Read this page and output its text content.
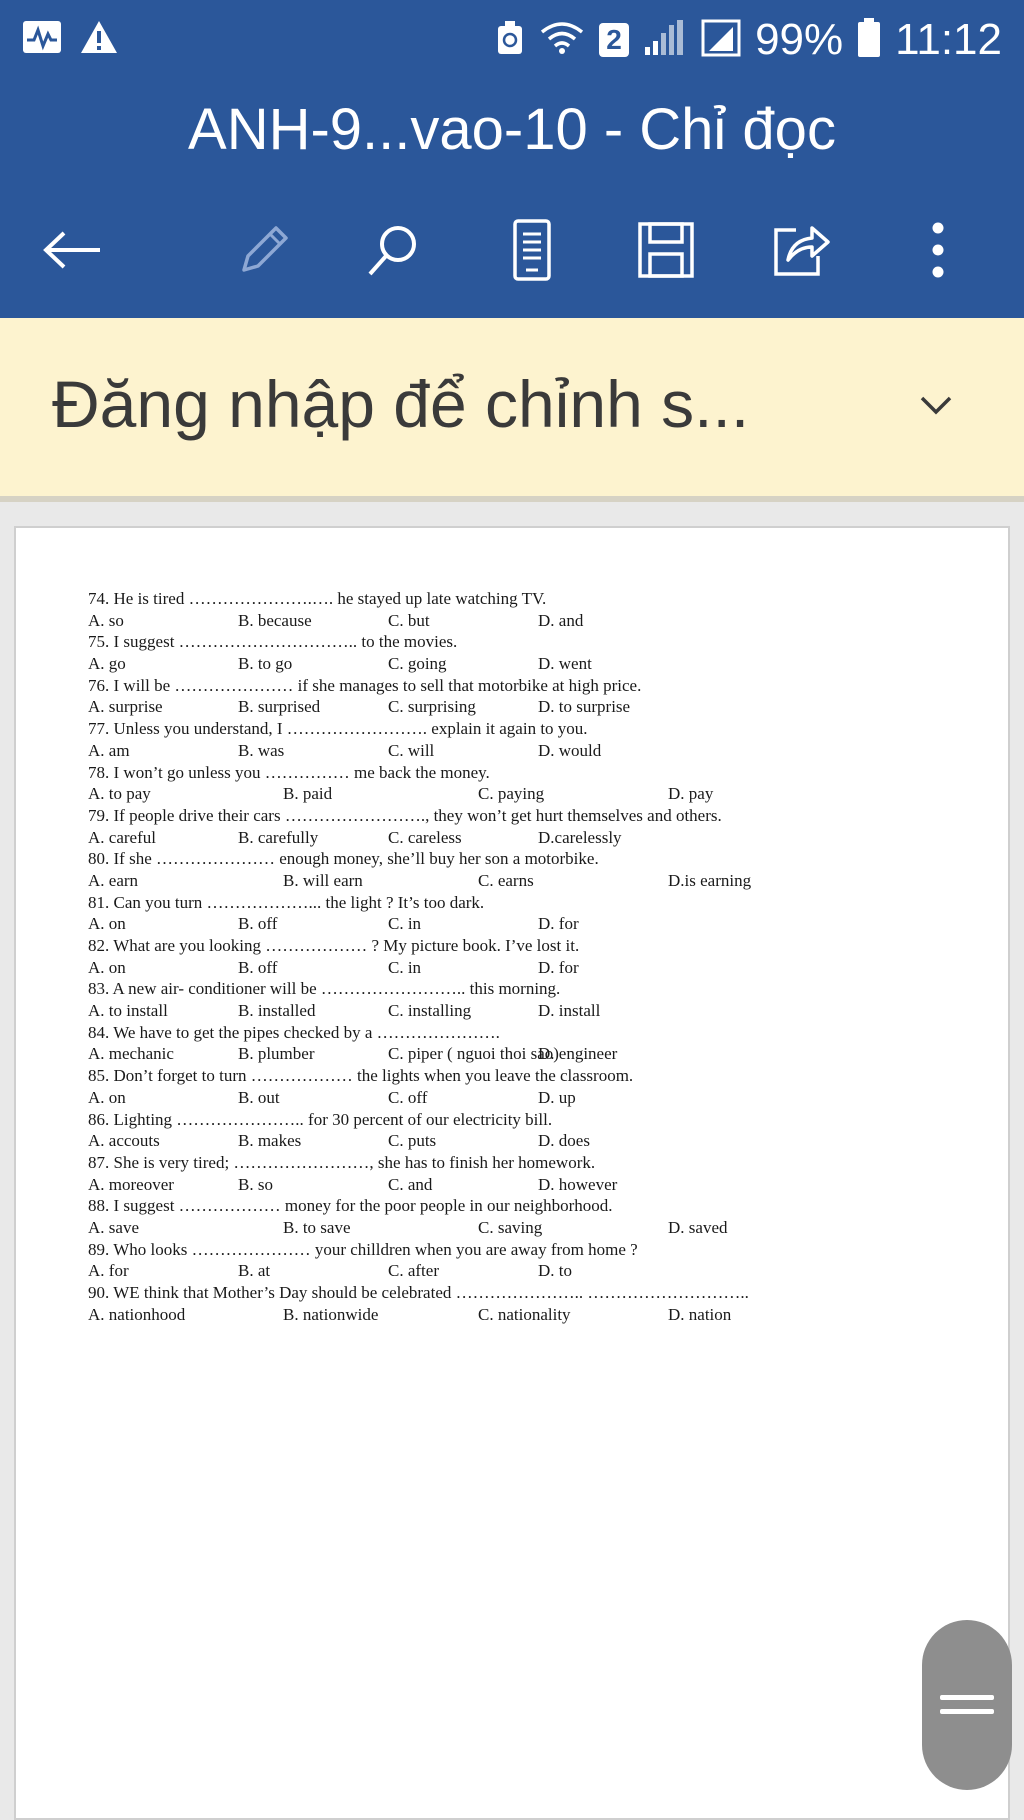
2	99% 11:12
ANH-9...vao-10 - Chỉ đọc
Đăng nhập để chỉnh s...
74. He is tired ………………….…. he stayed up late watching TV.
A. so	B. because	C. but	D. and
75. I suggest ………………………….. to the movies.
A. go	B. to go	C. going	D. went
76. I will be ………………… if she manages to sell that motorbike at high price.
A. surprise	B. surprised	C. surprising	D. to surprise
77. Unless you understand, I ……………………. explain it again to you.
A. am	B. was	C. will	D. would
78. I won’t go unless you …………… me back the money.
A. to pay	B. paid	C. paying	D. pay
79. If people drive their cars ……………………., they won’t get hurt themselves and others.
A. careful	B. carefully	C. careless	D.carelessly
80. If she ………………… enough money, she’ll buy her son a motorbike.
A. earn	B. will earn	C. earns	D.is earning
81. Can you turn ………………... the light ? It’s too dark.
A. on	B. off	C. in	D. for
82. What are you looking ……………… ? My picture book. I’ve lost it.
A. on	B. off	C. in	D. for
83. A new air- conditioner will be …………………….. this morning.
A. to install	B. installed	C. installing	D. install
84. We have to get the pipes checked by a ………………….
A. mechanic	B. plumber	C. piper ( nguoi thoi sao)
D. engineer
85. Don’t forget to turn ……………… the lights when you leave the classroom.
A. on	B. out	C. off	D. up
86. Lighting ………………….. for 30 percent of our electricity bill.
A. accouts	B. makes	C. puts	D. does
87. She is very tired; ……………………, she has to finish her homework.
A. moreover	B. so	C. and	D. however
88. I suggest ……………… money for the poor people in our neighborhood.
A. save	B. to save	C. saving	D. saved
89. Who looks ………………… your chilldren when you are away from home ?
A. for	B. at	C. after	D. to
90. WE think that Mother’s Day should be celebrated ………………….. ………………………..
A. nationhood	B. nationwide	C. nationality	D. nation
